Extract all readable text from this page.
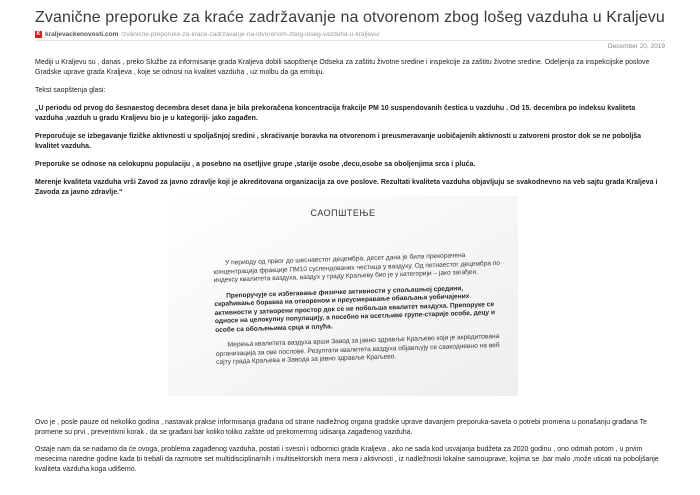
Zvanične preporuke za kraće zadržavanje na otvorenom zbog lošeg vazduha u Kraljevu
K kraljevackenovosti.com /zvanicne-preporuke-za-krace-zadrzavanje-na-otvorenom-zbog-loseg-vazduha-u-kraljevu/
December 20, 2019

Mediji u Kraljevu su , danas , preko Službe za informisanje grada Kraljeva dobili saopštenje Odseka za zaštitu životne sredine i inspekcije za zaštitu životne sredine. Odeljenja za inspekcijske poslove Gradske uprave grada Kraljeva , koje se odnosi na kvalitet vazduha , uz molbu da ga emituju.

Tekst saopštenja glasi:

„U periodu od prvog do šesnaestog decembra deset dana je bila prekoračena koncentracija frakcije PM 10 suspendovanih čestica u vazduhu . Od 15. decembra po indeksu kvaliteta vazduha ,vazduh u gradu Kraljevu bio je u kategoriji- jako zagađen.

Preporučuje se izbegavanje fizičke aktivnosti u spoljašnjoj sredini , skraćivanje boravka na otvorenom i preusmeravanje uobičajenih aktivnosti u zatvoreni prostor dok se ne poboljša kvalitet vazduha.

Preporuke se odnose na celokupnu populaciju , a posebno na osetljive grupe ,starije osobe ,decu,osobe sa oboljenjima srca i pluća.

Merenje kvaliteta vazduha vrši Zavod za javno zdravlje koji je akreditovana organizacija za ove poslove. Rezultati kvaliteta vazduha objavljuju se svakodnevno na veb sajtu grada Kraljeva i Zavoda za javno zdravlje.“

САОПШТЕЊЕ

У периоду од првог до шеснаестог децембра, десет дана је била прекорачена концентрација фракције ПМ10 суспендованих честица у ваздуху. Од петнаестог децембра по индексу квалитета ваздуха, ваздух у граду Краљеву био је у категорији – јако загађен.

Препоручује се избегавање физичке активности у спољашњој средини, скраћивање боравка на отвореном и преусмеравање обављања уобичајених активности у затворени простор док се не побољша квалитет ваздуха. Препоруке се односе на целокупну популацију, а посебно на осетљиве групе-старије особе, децу и особе са обољењима срца и плућа.

Мерења квалитета ваздуха врши Завод за јавно здравље Краљево који је акредитована организација за ове послове. Резултати квалитета ваздуха објављују се свакодневно на веб сајту града Краљева и Завода за јавно здравље Краљево.

Ovo je , posle pauze od nekoliko godina , nastavak prakse informisanja građana od strane nadležnog organa gradske uprave davanjem preporuka-saveta o potrebi promena u ponašanju građana Te promene su prvi , preventivni korak , da se građani bar koliko toliko zaštite od prekomernog udisanja zagađenog vazduha.

Ostaje nam da se nadamo da će ovoga, problema zagađenog vazduha, postati i svesni i odbornici grada Kraljeva , ako ne sada kod usvajanja budžeta za 2020 godinu , ono odmah potom , u prvim mesecima naredne godine kada bi trebali da razmotre set multidisciplinarnih i multisektorskih mera mera i aktivnosti , iz nadležnosti lokalne samouprave, kojima se ,bar malo ,može uticati na poboljšanje kvaliteta vazduha koga udišemo.
